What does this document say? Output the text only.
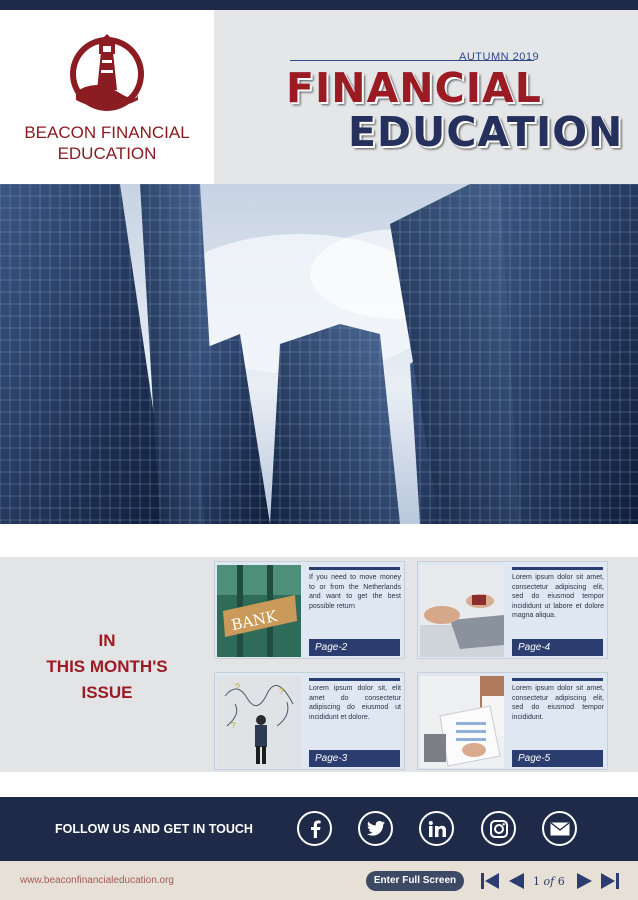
BEACON FINANCIAL
EDUCATION
AUTUMN 2019
FINANCIAL
EDUCATION
IN
THIS MONTH'S
ISSUE
BANK
If you need to move money to or from the Netherlands and want to get the best possible return
Page-2
Lorem ipsum dolor sit amet, consectetur adipiscing elit, sed do eiusmod tempor incididunt ut labore et dolore magna aliqua.
Page-4
?	?
?
Lorem ipsum dolor sit, elit amet do consectetur adipiscing do eiusmod ut incididunt et dolore.
Page-3
Lorem ipsum dolor sit amet, consectetur adipiscing elit, sed do eiusmod tempor incididunt.
Page-5
FOLLOW US AND GET IN TOUCH
www.beaconfinancialeducation.org	Enter Full Screen	1 of 6
